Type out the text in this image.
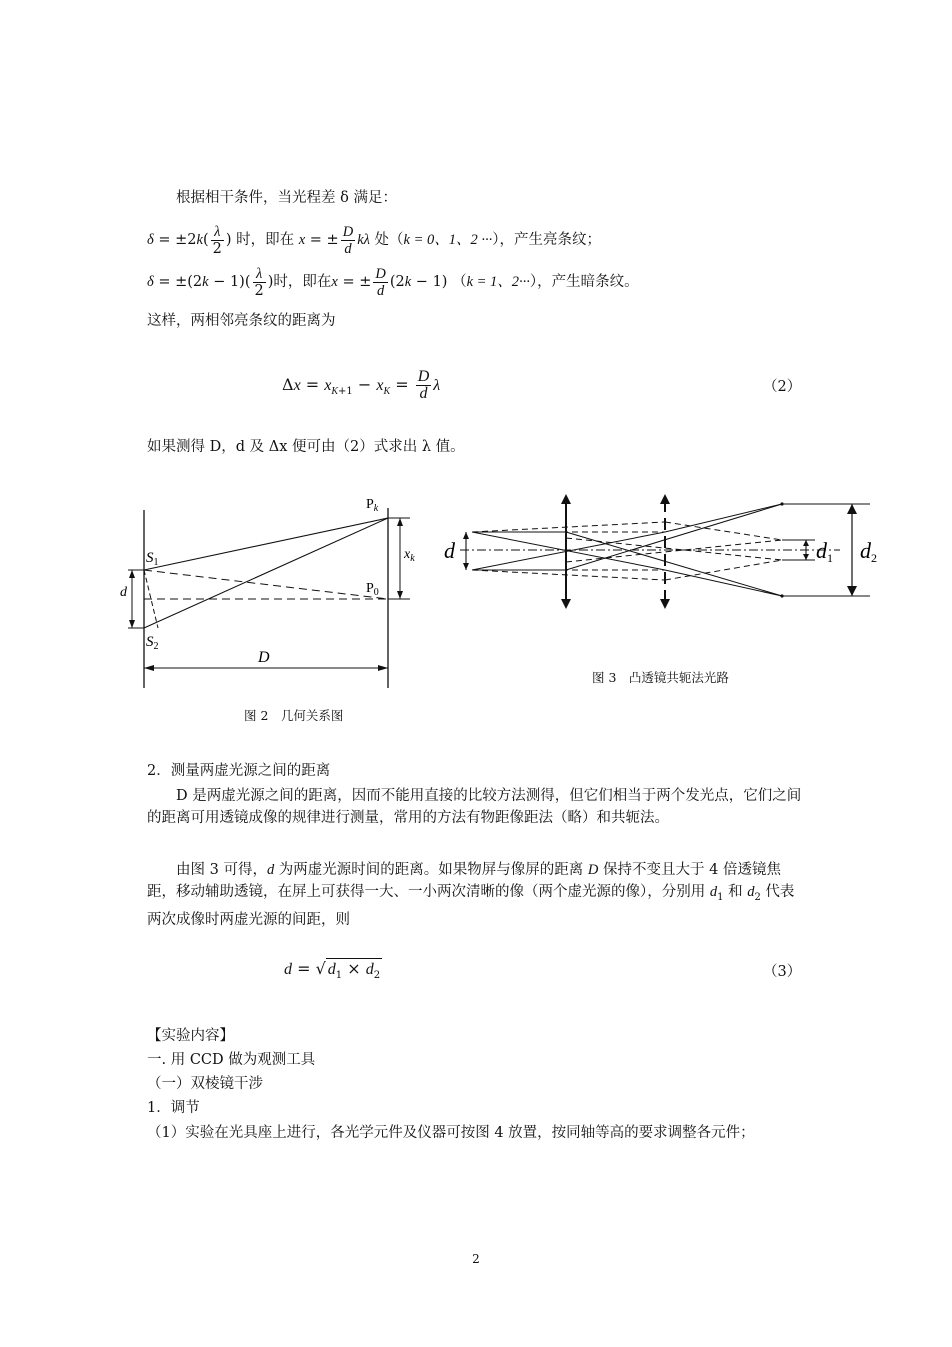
根据相干条件，当光程差 δ 满足：
$\delta = \pm 2k( \frac{\lambda}{2}$ ) 时，即在 x = ± $\frac{D}{d}$ kλ 处（k = 0、1、2 ···），产生亮条纹；
$\delta = \pm(2k - 1)( \frac{\lambda}{2}$ )时，即在x = ± $\frac{D}{d} (2k - 1) (k = 1$、2···），产生暗条纹。
这样，两相邻亮条纹的距离为
$\Delta x = x_{K+1} - x_K = \frac{D}{d}$ λ	（2）
如果测得 D，d 及 Δx 便可由（2）式求出 λ 值。
$P_k$
$P_0$
$x_k$
$S_1$
$S_2$
d
D
图 2　几何关系图
d	d1 d2
图 3　凸透镜共轭法光路
2．测量两虚光源之间的距离
D 是两虚光源之间的距离，因而不能用直接的比较方法测得，但它们相当于两个发光点，它们之间的距离可用透镜成像的规律进行测量，常用的方法有物距像距法（略）和共轭法。
由图 3 可得，d 为两虚光源时间的距离。如果物屏与像屏的距离 D 保持不变且大于 4 倍透镜焦距，移动辅助透镜，在屏上可获得一大、一小两次清晰的像（两个虚光源的像），分别用 $d_1$ 和 $d_2$ 代表两次成像时两虚光源的间距，则
d = √ $d_1 \times d_2$	（3）
【实验内容】
一. 用 CCD 做为观测工具
（一）双棱镜干涉
1．调节
（1）实验在光具座上进行，各光学元件及仪器可按图 4 放置，按同轴等高的要求调整各元件；
2
